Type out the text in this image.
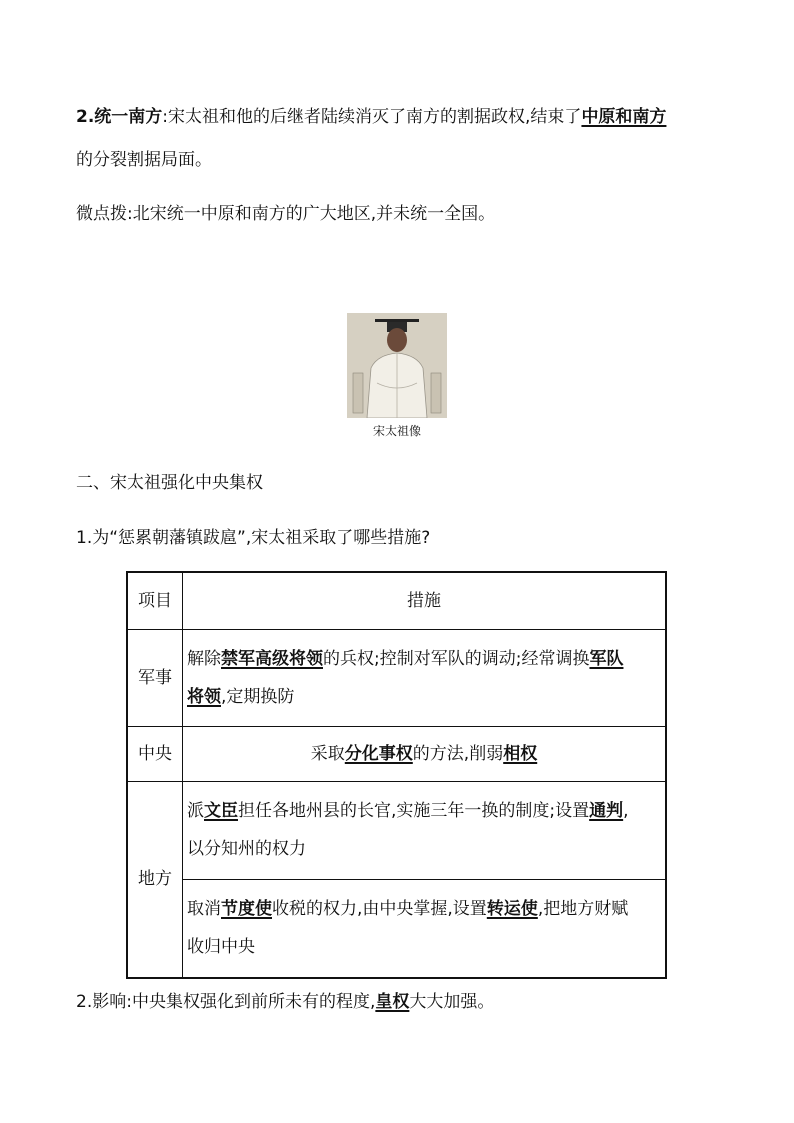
2.统一南方:宋太祖和他的后继者陆续消灭了南方的割据政权,结束了中原和南方
的分裂割据局面。
微点拨:北宋统一中原和南方的广大地区,并未统一全国。
宋太祖像
二、宋太祖强化中央集权
1.为“惩累朝藩镇跋扈”,宋太祖采取了哪些措施?
项目	措施
军事	解除禁军高级将领的兵权;控制对军队的调动;经常调换军队
将领,定期换防
中央	采取分化事权的方法,削弱相权
地方	派文臣担任各地州县的长官,实施三年一换的制度;设置通判,
以分知州的权力
	取消节度使收税的权力,由中央掌握,设置转运使,把地方财赋
收归中央
2.影响:中央集权强化到前所未有的程度,皇权大大加强。
